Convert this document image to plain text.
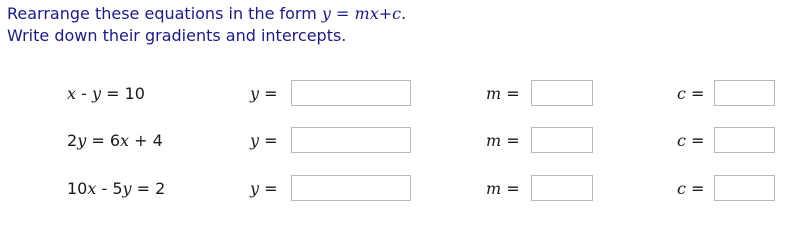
Rearrange these equations in the form y = mx+c.
Write down their gradients and intercepts.
x - y = 10	y =	m =	c =
2y = 6x + 4	y =	m =	c =
10x - 5y = 2	y =	m =	c =
